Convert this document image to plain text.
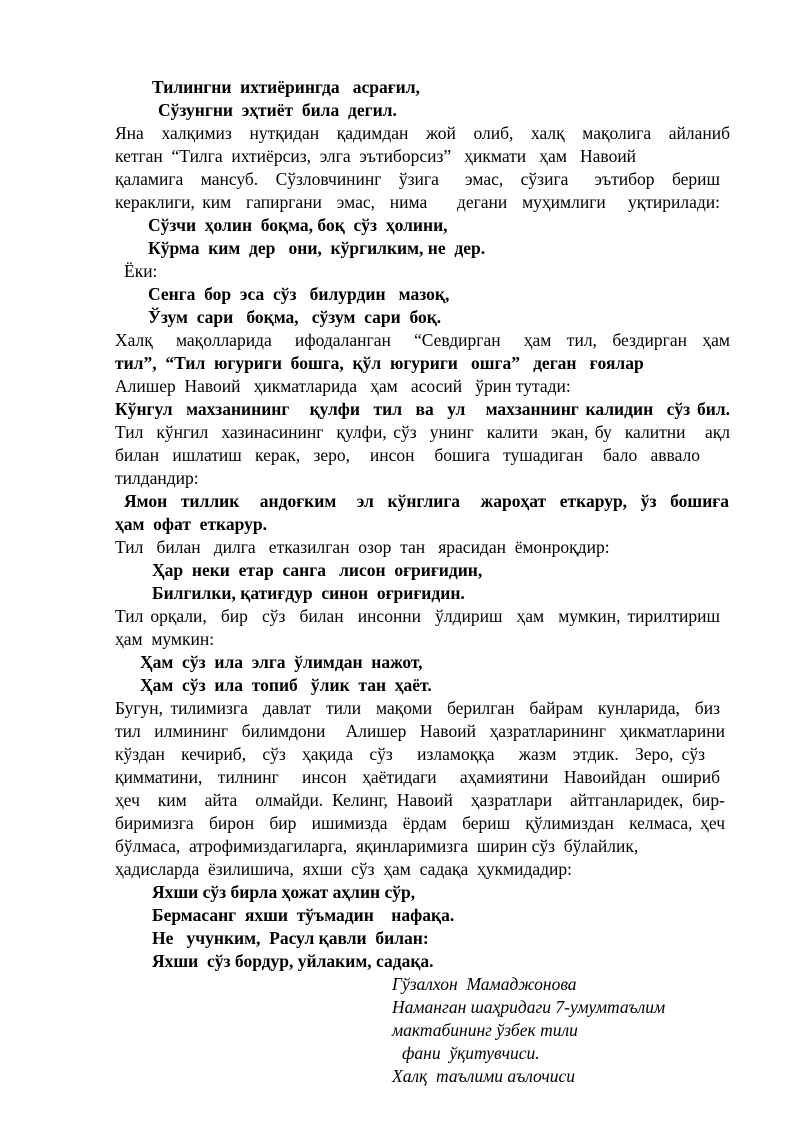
Тилингни  ихтиёрингда   асрағил,
Сўзунгни  эҳтиёт  била  дегил.
Яна  халқимиз  нутқидан  қадимдан  жой  олиб,  халқ  мақолига  айланиб
кетган  “Тилга  ихтиёрсиз,  элга  эътиборсиз”   ҳикмати   ҳам   Навоий
қаламига  мансуб.  Сўзловчининг  ўзига   эмас,  сўзига   эътибор  бериш
кераклиги, ким  гапиргани  эмас,  нима    дегани  муҳимлиги   уқтирилади:
Сўзчи  ҳолин  боқма, боқ  сўз  ҳолини,
Кўрма  ким  дер   они,  кўргилким, не  дер.
Ёки:
Сенга  бор  эса  сўз   билурдин   мазоқ,
Ўзум  сари   боқма,   сўзум  сари  боқ.
Халқ   мақолларида   ифодаланган   “Севдирган   ҳам  тил,  бездирган  ҳам
тил”,  “Тил  югуриги  бошга,  қўл  югуриги   ошга”   деган   ғоялар
Алишер  Навоий   ҳикматларида   ҳам   асосий   ўрин тутади:
Кўнгул  махзанининг   қулфи  тил  ва  ул   махзаннинг калидин  сўз бил.
Тил  кўнгил  хазинасининг  қулфи, сўз  унинг  калити  экан, бу  калитни   ақл
билан  ишлатиш  керак,  зеро,   инсон   бошига  тушадиган   бало  аввало
тилдандир:
Ямон  тиллик   андоғким   эл  кўнглига   жароҳат  еткарур,  ўз  бошиға
ҳам  офат  еткарур.
Тил   билан   дилга   етказилган  озор  тан   ярасидан  ёмонроқдир:
Ҳар  неки  етар  санга   лисон  оғриғидин,
Билгилки, қатиғдур  синон  оғриғидин.
Тил орқали,  бир  сўз  билан  инсонни  ўлдириш  ҳам  мумкин, тирилтириш
ҳам  мумкин:
Ҳам  сўз  ила  элга  ўлимдан  нажот,
Ҳам  сўз  ила  топиб   ўлик  тан  ҳаёт.
Бугун, тилимизга  давлат  тили  мақоми  берилган  байрам  кунларида,  биз
тил  илмининг  билимдони   Алишер  Навоий  ҳазратларининг  ҳикматларини
кўздан  кечириб,  сўз  ҳақида  сўз   изламоққа   жазм  этдик.  Зеро, сўз
қимматини,  тилнинг   инсон  ҳаётидаги   аҳамиятини  Навоийдан  ошириб
ҳеч  ким  айта  олмайди. Келинг, Навоий  ҳазратлари  айтганларидек, бир-
биримизга  бирон  бир  ишимизда  ёрдам  бериш  қўлимиздан  келмаса, ҳеч
бўлмаса,  атрофимиздагиларга,  яқинларимизга  ширин сўз  бўлайлик,
ҳадисларда  ёзилишича,  яхши  сўз  ҳам  садақа  ҳукмидадир:
Яхши сўз бирла ҳожат аҳлин сўр,
Бермасанг  яхши  тўъмадин    нафақа.
Не   учунким,  Расул қавли  билан:
Яхши  сўз бордур, уйлаким, садақа.
Гўзалхон  Мамаджонова
Наманган шаҳридаги 7-умумтаълим
мактабининг ўзбек тили
фани  ўқитувчиси.
Халқ  таълими аълочиси
